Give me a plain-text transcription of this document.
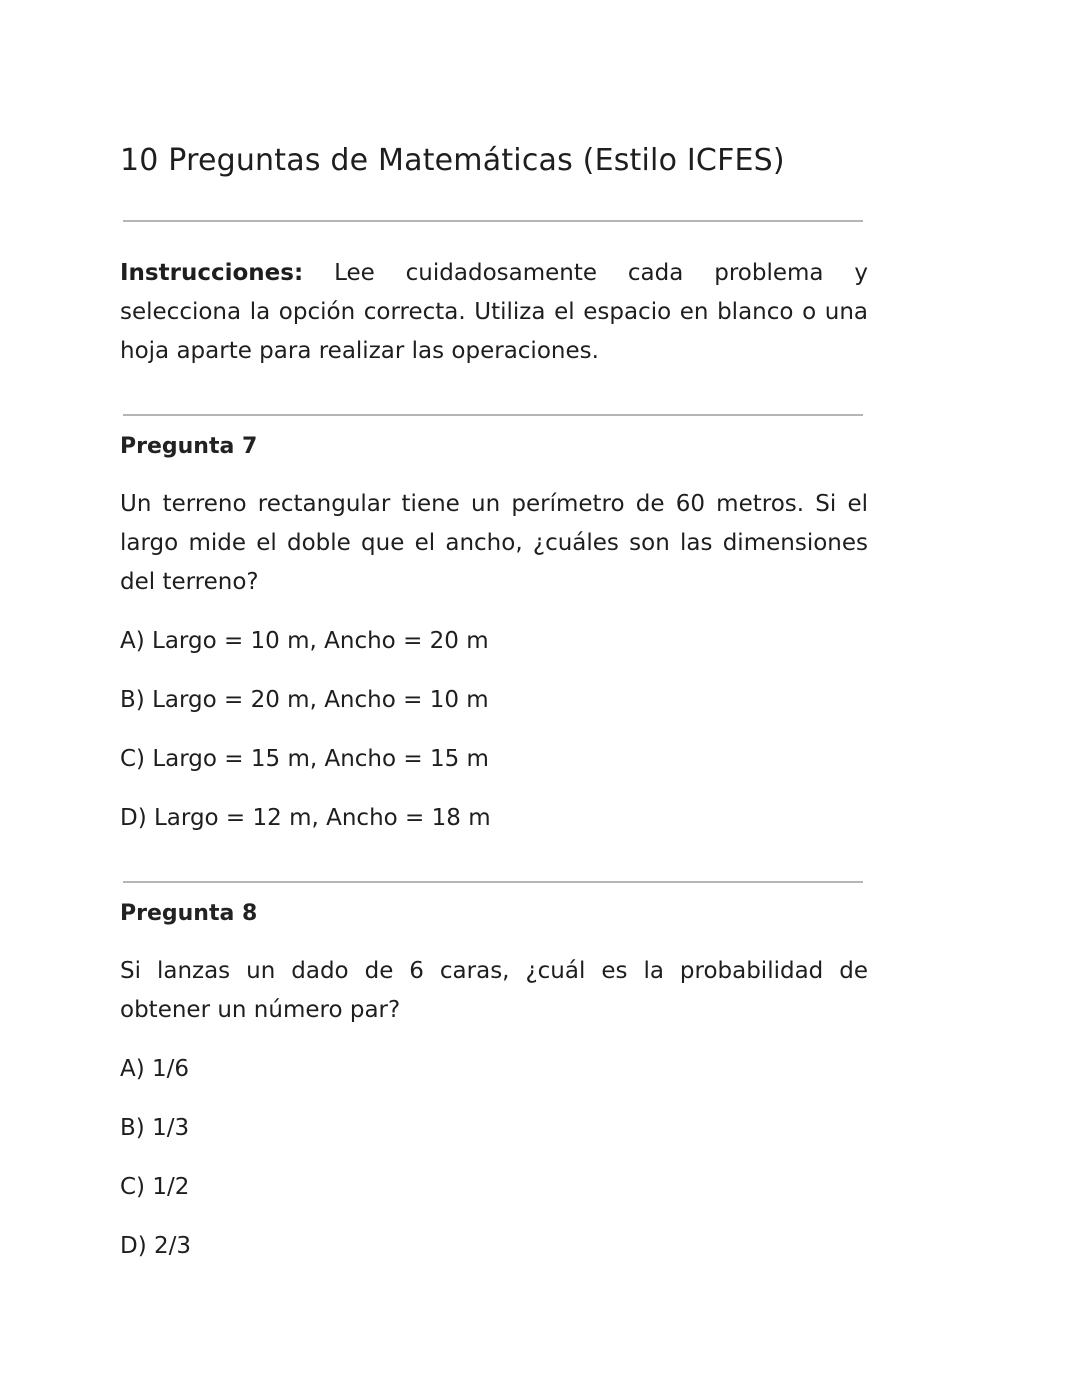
10 Preguntas de Matemáticas (Estilo ICFES)

Instrucciones: Lee cuidadosamente cada problema y selecciona la opción correcta. Utiliza el espacio en blanco o una hoja aparte para realizar las operaciones.

Pregunta 7

Un terreno rectangular tiene un perímetro de 60 metros. Si el largo mide el doble que el ancho, ¿cuáles son las dimensiones del terreno?

A) Largo = 10 m, Ancho = 20 m

B) Largo = 20 m, Ancho = 10 m

C) Largo = 15 m, Ancho = 15 m

D) Largo = 12 m, Ancho = 18 m

Pregunta 8

Si lanzas un dado de 6 caras, ¿cuál es la probabilidad de obtener un número par?

A) 1/6

B) 1/3

C) 1/2

D) 2/3
